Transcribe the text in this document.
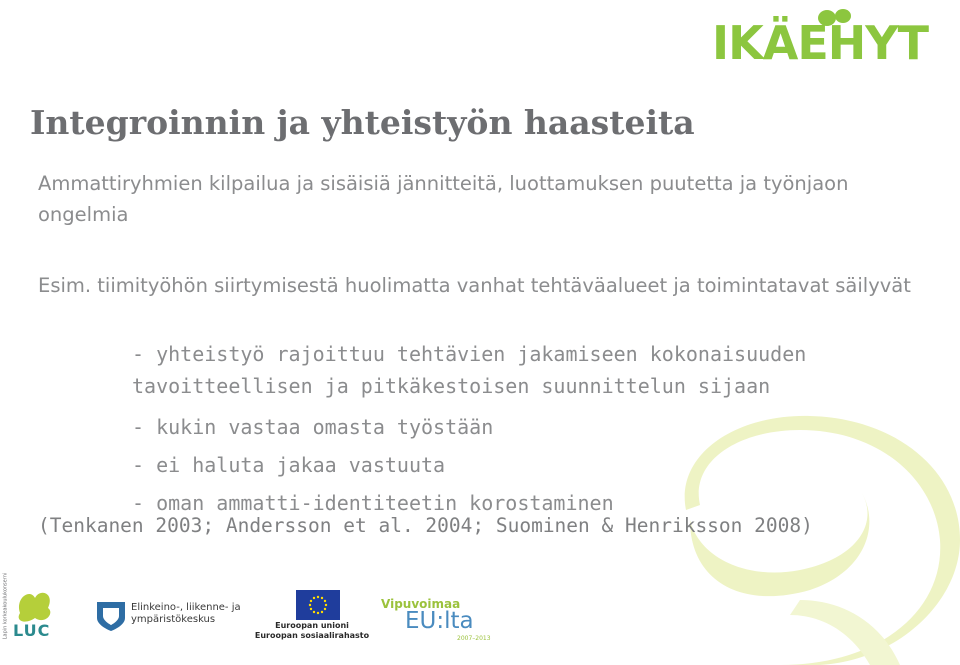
IKÄEHYT
Integroinnin ja yhteistyön haasteita

Ammattiryhmien kilpailua ja sisäisiä jännitteitä, luottamuksen puutetta ja työnjaon ongelmia

Esim. tiimityöhön siirtymisestä huolimatta vanhat tehtäväalueet ja toimintatavat säilyvät

- yhteistyö rajoittuu tehtävien jakamiseen kokonaisuuden tavoitteellisen ja pitkäkestoisen suunnittelun sijaan
- kukin vastaa omasta työstään
- ei haluta jakaa vastuuta
- oman ammatti-identiteetin korostaminen

(Tenkanen 2003; Andersson et al. 2004; Suominen & Henriksson 2008)

Lapin korkeakoulukonserni LUC
Elinkeino-, liikenne- ja
ympäristökeskus
Euroopan unioni
Euroopan sosiaalirahasto
Vipuvoimaa
EU:lta
2007–2013
